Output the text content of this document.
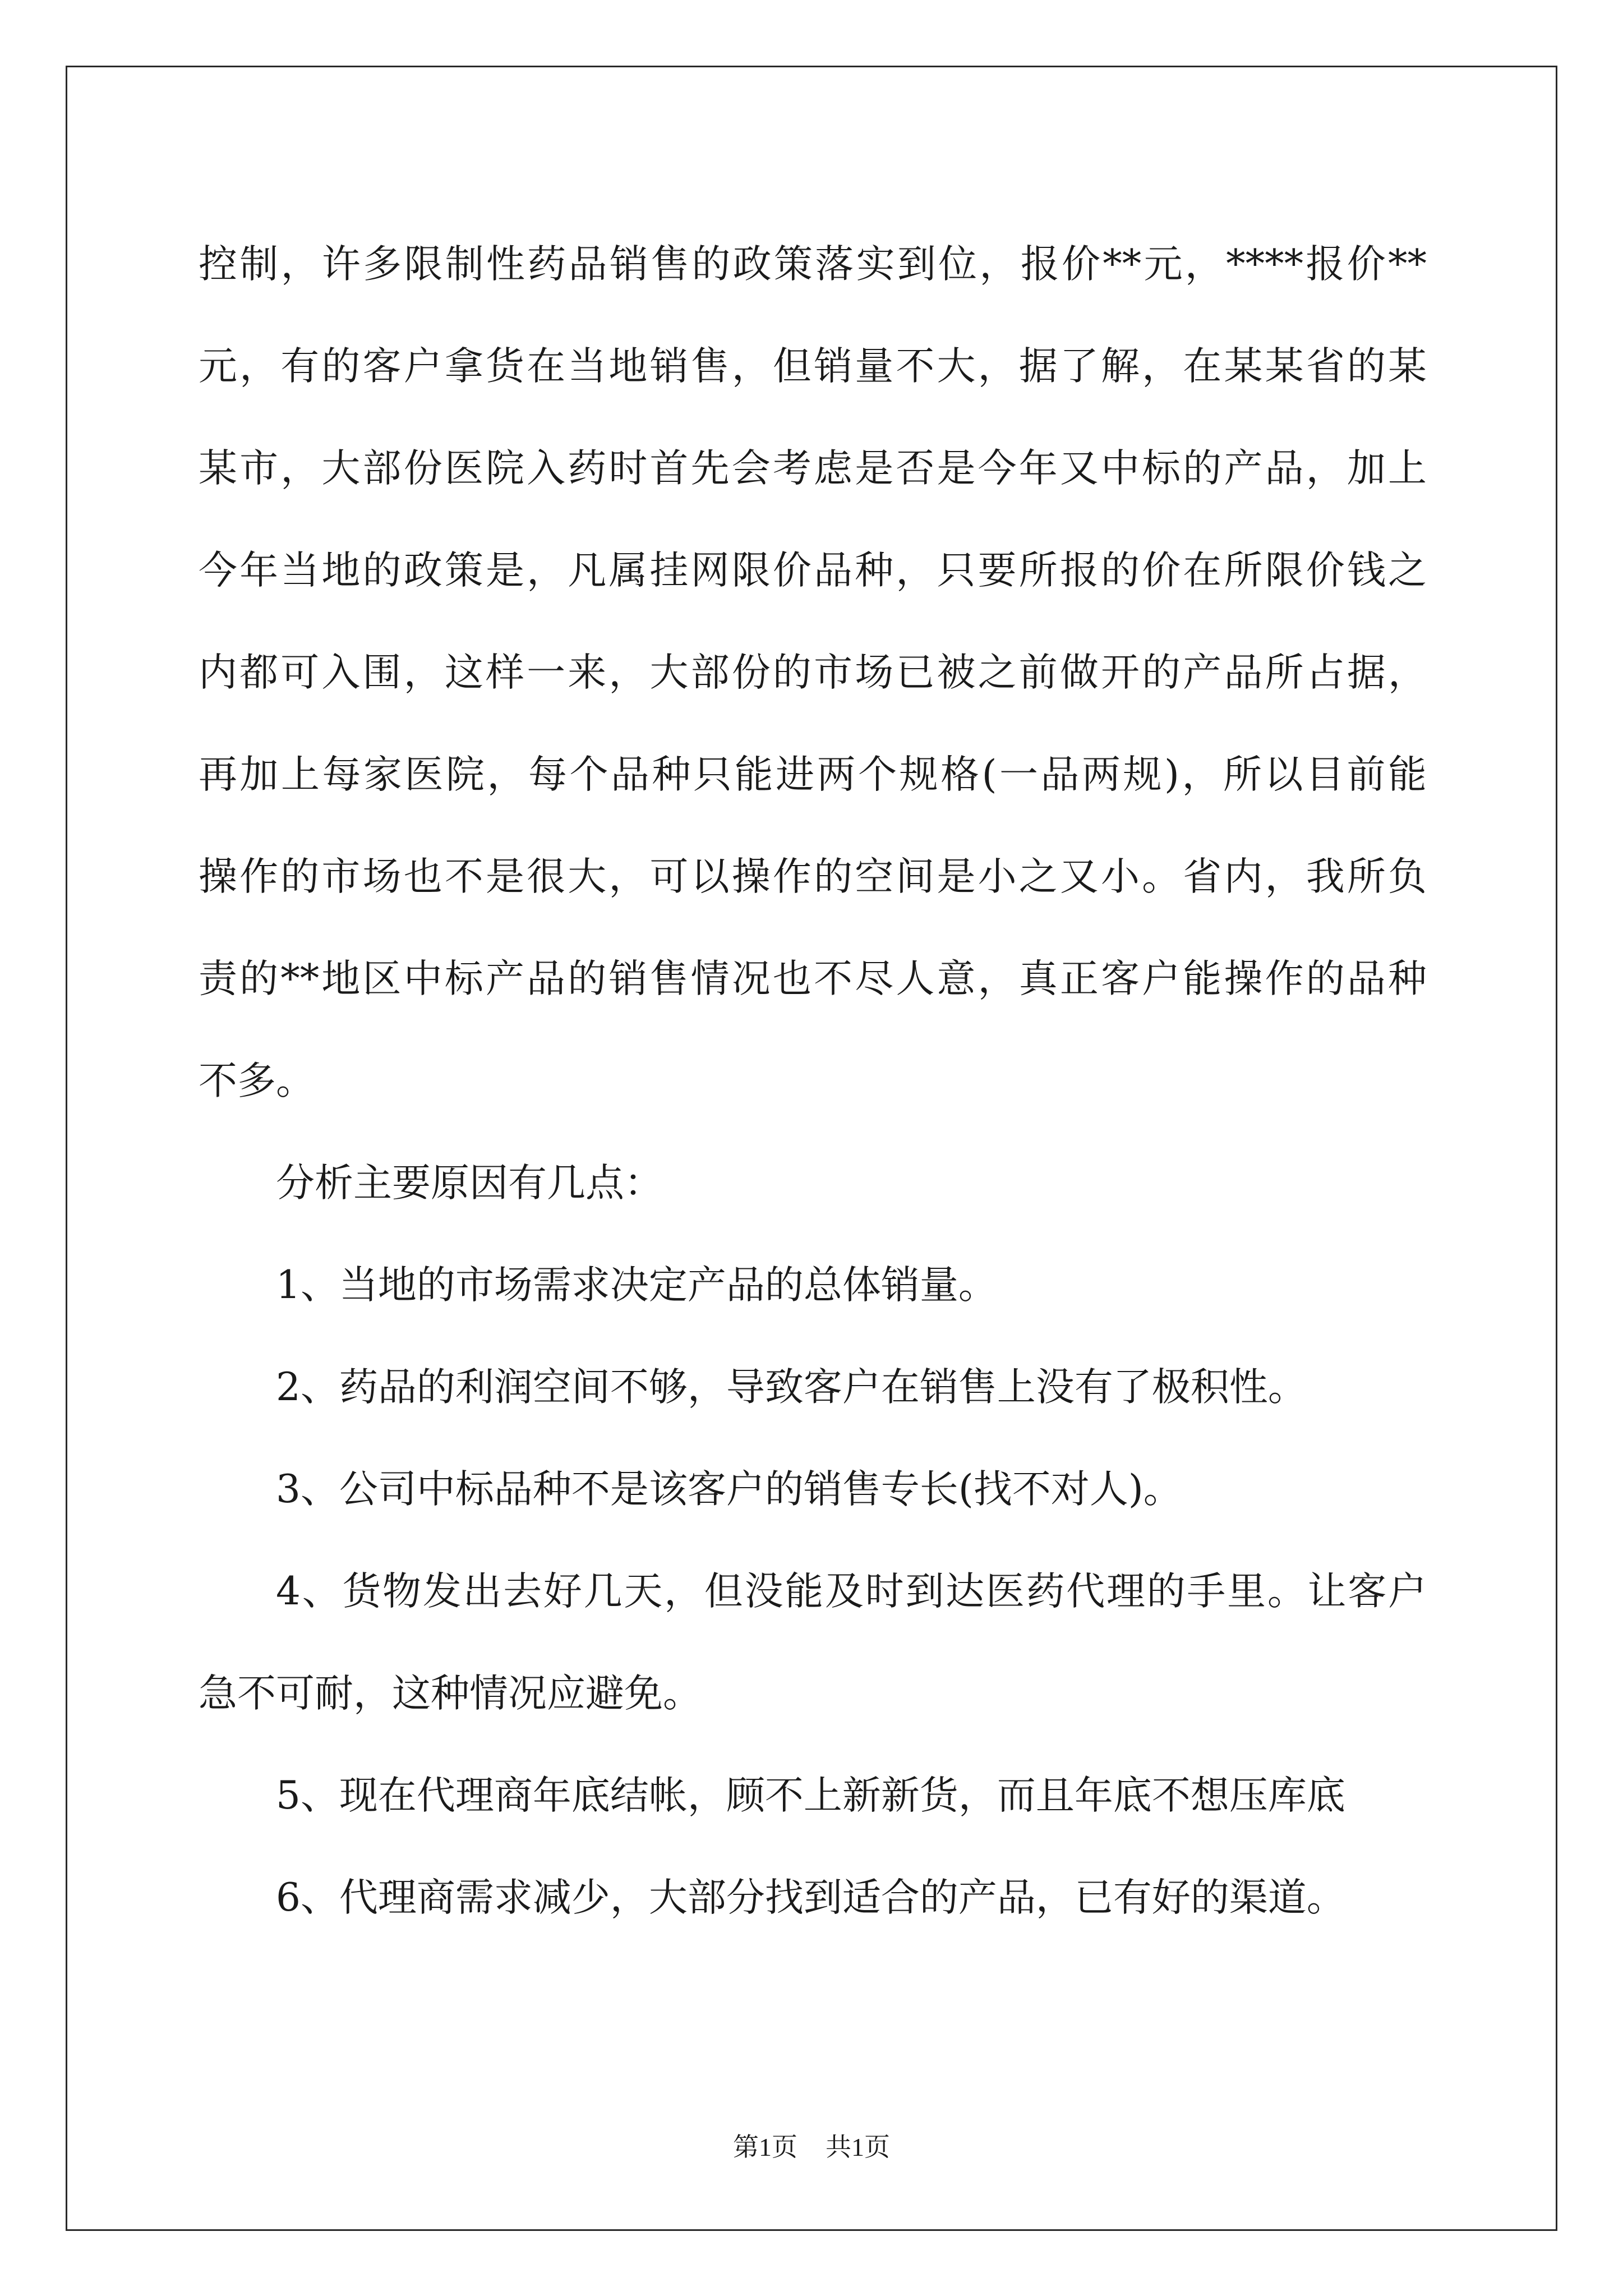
控制，许多限制性药品销售的政策落实到位，报价**元，****报价**

元，有的客户拿货在当地销售，但销量不大，据了解，在某某省的某

某市，大部份医院入药时首先会考虑是否是今年又中标的产品，加上

今年当地的政策是，凡属挂网限价品种，只要所报的价在所限价钱之

内都可入围，这样一来，大部份的市场已被之前做开的产品所占据，

再加上每家医院，每个品种只能进两个规格(一品两规)，所以目前能

操作的市场也不是很大，可以操作的空间是小之又小。省内，我所负

责的**地区中标产品的销售情况也不尽人意，真正客户能操作的品种

不多。

分析主要原因有几点：

1、当地的市场需求决定产品的总体销量。

2、药品的利润空间不够，导致客户在销售上没有了极积性。

3、公司中标品种不是该客户的销售专长(找不对人)。

4、货物发出去好几天，但没能及时到达医药代理的手里。让客户

急不可耐，这种情况应避免。

5、现在代理商年底结帐，顾不上新新货，而且年底不想压库底

6、代理商需求减少，大部分找到适合的产品，已有好的渠道。

第1页 共1页
